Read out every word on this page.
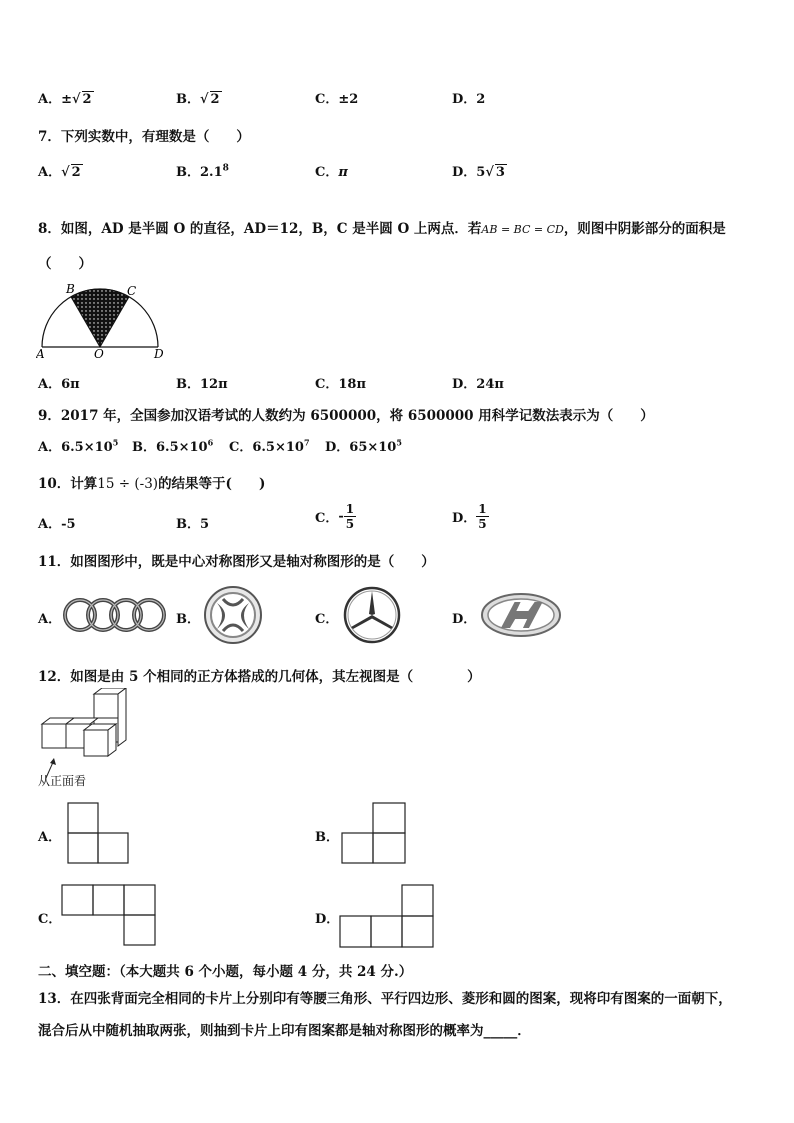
A．±√ 2	B．√ 2	C．±2	D．2
7．下列实数中，有理数是（　　）
A．√ 2	B．$2.1^8$	C．π	D．5√ 3
8．如图，AD 是半圆 O 的直径，AD＝12，B，C 是半圆 O 上两点．若AB = BC = CD，则图中阴影部分的面积是
（　　）
A
B	C
D
O
A．6π	B．12π	C．18π	D．24π
9．2017 年，全国参加汉语考试的人数约为 6500000，将 6500000 用科学记数法表示为（　　）
A．$6.5\times 10^5$ B．$6.5\times 10^6$ C．$6.5\times 10^7$ D．$65\times 10^5$
10．计算15 ÷ (-3)的结果等于(　　)
A．-5	B．5	C．- $\frac{1}{5}$	D． $\frac{1}{5}$
11．如图图形中，既是中心对称图形又是轴对称图形的是（　　）
A．	B．	C．	D．
12．如图是由 5 个相同的正方体搭成的几何体，其左视图是（　　　　）
从正面看
A．	B．
C．	D．
二、填空题：（本大题共 6 个小题，每小题 4 分，共 24 分.）
13．在四张背面完全相同的卡片上分别印有等腰三角形、平行四边形、菱形和圆的图案，现将印有图案的一面朝下，
混合后从中随机抽取两张，则抽到卡片上印有图案都是轴对称图形的概率为_____．
